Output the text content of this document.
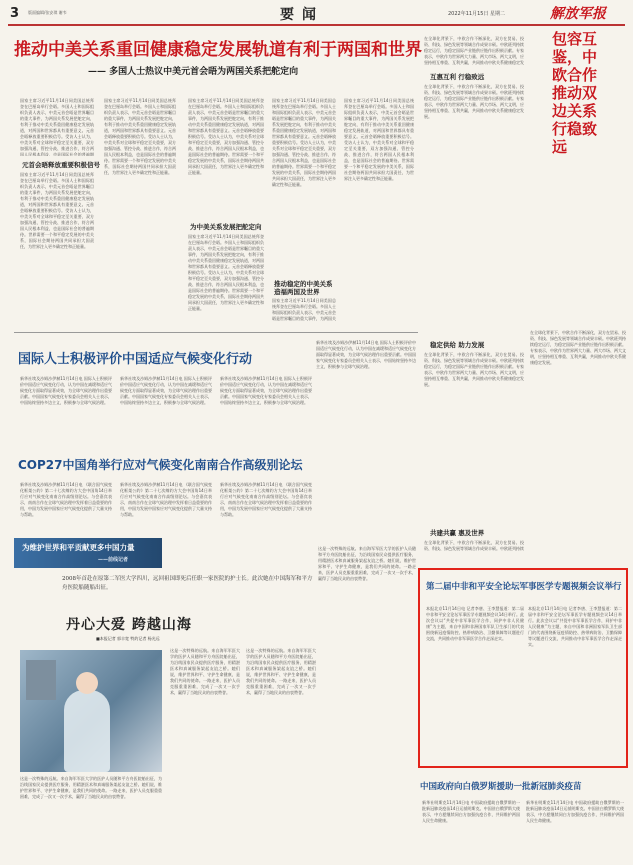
3 版面编辑/张安琪 谢韦	要闻	2022年11月15日 星期二	解放军报
推动中美关系重回健康稳定发展轨道有利于两国和世界
—— 多国人士热议中美元首会晤为两国关系把舵定向
国家主席习近平11月14日同美国总统拜登在巴厘岛举行会晤。多国人士和国际组织负责人表示，中美元首会晤是世界瞩目的重大事件，为两国关系发展把舵定向，有利于推动中美关系重回健康稳定发展轨道，对两国和世界都具有重要意义。元首会晤释放重要积极信号。受访人士认为，中美关系对全球和平稳定至关重要，双方加强沟通、管控分歧、推进合作，符合两国人民根本利益，也是国际社会的普遍期
元首会晤释放重要积极信号
国家主席习近平11月14日同美国总统拜登在巴厘岛举行会晤。多国人士和国际组织负责人表示，中美元首会晤是世界瞩目的重大事件，为两国关系发展把舵定向，有利于推动中美关系重回健康稳定发展轨道，对两国和世界都具有重要意义。元首会晤释放重要积极信号。受访人士认为，中美关系对全球和平稳定至关重要，双方加强沟通、管控分歧、推进合作，符合两国人民根本利益，也是国际社会的普遍期待。世界需要一个和平稳定发展的中美关系，国际社会期待两国共同承担大国责任，为世界注入更多确定性和正能量。
国家主席习近平11月14日同美国总统拜登在巴厘岛举行会晤。多国人士和国际组织负责人表示，中美元首会晤是世界瞩目的重大事件，为两国关系发展把舵定向，有利于推动中美关系重回健康稳定发展轨道，对两国和世界都具有重要意义。元首会晤释放重要积极信号。受访人士认为，中美关系对全球和平稳定至关重要，双方加强沟通、管控分歧、推进合作，符合两国人民根本利益，也是国际社会的普遍期待。世界需要一个和平稳定发展的中美关系，国际社会期待两国共同承担大国责任，为世界注入更多确定性和正能量。
国家主席习近平11月14日同美国总统拜登在巴厘岛举行会晤。多国人士和国际组织负责人表示，中美元首会晤是世界瞩目的重大事件，为两国关系发展把舵定向，有利于推动中美关系重回健康稳定发展轨道，对两国和世界都具有重要意义。元首会晤释放重要积极信号。受访人士认为，中美关系对全球和平稳定至关重要，双方加强沟通、管控分歧、推进合作，符合两国人民根本利益，也是国际社会的普遍期待。世界需要一个和平稳定发展的中美关系，国际社会期待两国共同承担大国责任，为世界注入更多确定性和正能量。
为中美关系发展把舵定向
国家主席习近平11月14日同美国总统拜登在巴厘岛举行会晤。多国人士和国际组织负责人表示，中美元首会晤是世界瞩目的重大事件，为两国关系发展把舵定向，有利于推动中美关系重回健康稳定发展轨道，对两国和世界都具有重要意义。元首会晤释放重要积极信号。受访人士认为，中美关系对全球和平稳定至关重要，双方加强沟通、管控分歧、推进合作，符合两国人民根本利益，也是国际社会的普遍期待。世界需要一个和平稳定发展的中美关系，国际社会期待两国共同承担大国责任，为世界注入更多确定性和正能量。
国家主席习近平11月14日同美国总统拜登在巴厘岛举行会晤。多国人士和国际组织负责人表示，中美元首会晤是世界瞩目的重大事件，为两国关系发展把舵定向，有利于推动中美关系重回健康稳定发展轨道，对两国和世界都具有重要意义。元首会晤释放重要积极信号。受访人士认为，中美关系对全球和平稳定至关重要，双方加强沟通、管控分歧、推进合作，符合两国人民根本利益，也是国际社会的普遍期待。世界需要一个和平稳定发展的中美关系，国际社会期待两国共同承担大国责任，为世界注入更多确定性和正能量。
推动稳定的中美关系造福两国及世界
国家主席习近平11月14日同美国总统拜登在巴厘岛举行会晤。多国人士和国际组织负责人表示，中美元首会晤是世界瞩目的重大事件，为两国关
国家主席习近平11月14日同美国总统拜登在巴厘岛举行会晤。多国人士和国际组织负责人表示，中美元首会晤是世界瞩目的重大事件，为两国关系发展把舵定向，有利于推动中美关系重回健康稳定发展轨道，对两国和世界都具有重要意义。元首会晤释放重要积极信号。受访人士认为，中美关系对全球和平稳定至关重要，双方加强沟通、管控分歧、推进合作，符合两国人民根本利益，也是国际社会的普遍期待。世界需要一个和平稳定发展的中美关系，国际社会期待两国共同承担大国责任，为世界注入更多确定性和正能量。
国际人士积极评价中国适应气候变化行动
新华社埃及沙姆沙伊赫11月14日电 国际人士积极评价中国适应气候变化行动，认为中国在减缓和适应气候变化方面取得显著成效，为全球气候治理作出重要贡献。中国国家气候变化专家委员会相关人士表示，中国始终坚持多边主义，积极参与全球气候治理。
新华社埃及沙姆沙伊赫11月14日电 国际人士积极评价中国适应气候变化行动，认为中国在减缓和适应气候变化方面取得显著成效，为全球气候治理作出重要贡献。中国国家气候变化专家委员会相关人士表示，中国始终坚持多边主义，积极参与全球气候治理。
新华社埃及沙姆沙伊赫11月14日电 国际人士积极评价中国适应气候变化行动，认为中国在减缓和适应气候变化方面取得显著成效，为全球气候治理作出重要贡献。中国国家气候变化专家委员会相关人士表示，中国始终坚持多边主义，积极参与全球气候治理。
COP27中国角举行应对气候变化南南合作高级别论坛
新华社埃及沙姆沙伊赫11月14日电 《联合国气候变化框架公约》第二十七次缔约方大会中国角14日举行应对气候变化南南合作高级别论坛。与会嘉宾表示，南南合作在全球气候治理中发挥着日益重要的作用，中国为发展中国家应对气候变化提供了大量支持与帮助。
新华社埃及沙姆沙伊赫11月14日电 《联合国气候变化框架公约》第二十七次缔约方大会中国角14日举行应对气候变化南南合作高级别论坛。与会嘉宾表示，南南合作在全球气候治理中发挥着日益重要的作用，中国为发展中国家应对气候变化提供了大量支持与帮助。
新华社埃及沙姆沙伊赫11月14日电 《联合国气候变化框架公约》第二十七次缔约方大会中国角14日举行应对气候变化南南合作高级别论坛。与会嘉宾表示，南南合作在全球气候治理中发挥着日益重要的作用，中国为发展中国家应对气候变化提供了大量支持与帮助。
新华社埃及沙姆沙伊赫11月14日电 国际人士积极评价中国适应气候变化行动，认为中国在减缓和适应气候变化方面取得显著成效，为全球气候治理作出重要贡献。中国国家气候变化专家委员会相关人士表示，中国始终坚持多边主义，积极参与全球气候治理。
为维护世界和平贡献更多中国力量
——前线记者
2008年首赴在原第二军医大学四川，远回祖国即死后任职一家医院的护士长。此次她在中国海军和平方舟医院船随船出征。
丹心大爱 跨越山海
■本报记者 郭丰宽 特约记者 杨光远
这是一次特殊的远航。来自海军军医大学的医护人员随和平方舟医院船出征，为沿线国家民众提供医疗服务，用精湛医术和真诚服务架起友谊之桥。她们说，维护世界和平、守护生命健康，是我们共同的使命。一路走来，医护人员克服重重困难，完成了一次又一次手术，赢得了当地民众的由衷赞誉。
这是一次特殊的远航。来自海军军医大学的医护人员随和平方舟医院船出征，为沿线国家民众提供医疗服务，用精湛医术和真诚服务架起友谊之桥。她们说，维护世界和平、守护生命健康，是我们共同的使命。一路走来，医护人员克服重重困难，完成了一次又一次手术，赢得了当地民众的由衷赞誉。
这是一次特殊的远航。来自海军军医大学的医护人员随和平方舟医院船出征，为沿线国家民众提供医疗服务，用精湛医术和真诚服务架起友谊之桥。她们说，维护世界和平、守护生命健康，是我们共同的使命。一路走来，医护人员克服重重困难，完成了一次又一次手术，赢得了当地民众的由衷赞誉。
这是一次特殊的远航。来自海军军医大学的医护人员随和平方舟医院船出征，为沿线国家民众提供医疗服务，用精湛医术和真诚服务架起友谊之桥。她们说，维护世界和平、守护生命健康，是我们共同的使命。一路走来，医护人员克服重重困难，完成了一次又一次手术，赢得了当地民众的由衷赞誉。
包容互鉴，中欧合作推动双边关系行稳致远
在全球化背景下，中欧合作不断深化，双方在贸易、投资、科技、绿色发展等领域合作成果丰硕。中欧班列持续稳定运行，为稳定国际产业链供应链作出积极贡献。专家表示，中欧作为世界两大力量、两大市场、两大文明，应坚持相互尊重、互利共赢，共同推动中欧关系健康稳定发
互惠互利 行稳致远
在全球化背景下，中欧合作不断深化，双方在贸易、投资、科技、绿色发展等领域合作成果丰硕。中欧班列持续稳定运行，为稳定国际产业链供应链作出积极贡献。专家表示，中欧作为世界两大力量、两大市场、两大文明，应坚持相互尊重、互利共赢，共同推动中欧关系健康稳定发展。
稳定供给 助力发展
在全球化背景下，中欧合作不断深化，双方在贸易、投资、科技、绿色发展等领域合作成果丰硕。中欧班列持续稳定运行，为稳定国际产业链供应链作出积极贡献。专家表示，中欧作为世界两大力量、两大市场、两大文明，应坚持相互尊重、互利共赢，共同推动中欧关系健康稳定发展。
共建共赢 惠及世界
在全球化背景下，中欧合作不断深化，双方在贸易、投资、科技、绿色发展等领域合作成果丰硕。中欧班列持续
在全球化背景下，中欧合作不断深化，双方在贸易、投资、科技、绿色发展等领域合作成果丰硕。中欧班列持续稳定运行，为稳定国际产业链供应链作出积极贡献。专家表示，中欧作为世界两大力量、两大市场、两大文明，应坚持相互尊重、互利共赢，共同推动中欧关系健康稳定发展。
第二届中非和平安全论坛军事医学专题视频会议举行
本报北京11月14日电 记者李唐、王李慧报道：第二届中非和平安全论坛军事医学专题视频会议14日举行。此次会议以“共促中非军事医学合作，同护中非人民健康”为主题，来自中国和非洲国家军队卫生部门的代表围绕新冠疫情防控、热带病防治、卫勤保障等议题进行交流，共同推动中非军事医学合作走深走实。
本报北京11月14日电 记者李唐、王李慧报道：第二届中非和平安全论坛军事医学专题视频会议14日举行。此次会议以“共促中非军事医学合作，同护中非人民健康”为主题，来自中国和非洲国家军队卫生部门的代表围绕新冠疫情防控、热带病防治、卫勤保障等议题进行交流，共同推动中非军事医学合作走深走实。
中国政府向白俄罗斯援助一批新冠肺炎疫苗
新华社明斯克11月14日电 中国政府援助白俄罗斯的一批新冠肺炎疫苗14日运抵明斯克。中国驻白俄罗斯大使表示，中方愿继续同白方加强抗疫合作，共同维护两国人民生命健康。
新华社明斯克11月14日电 中国政府援助白俄罗斯的一批新冠肺炎疫苗14日运抵明斯克。中国驻白俄罗斯大使表示，中方愿继续同白方加强抗疫合作，共同维护两国人民生命健康。
